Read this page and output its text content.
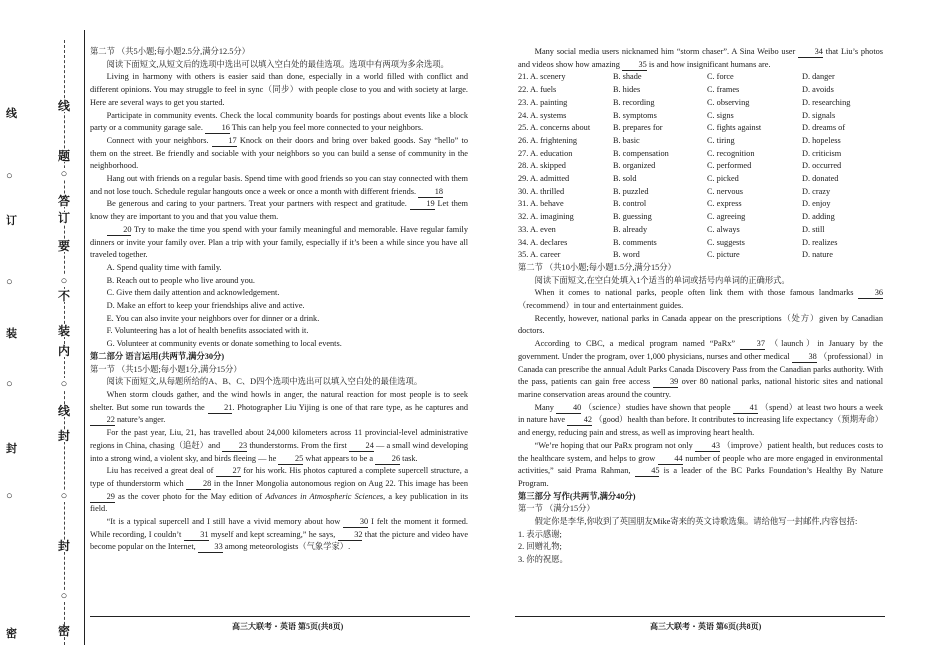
线
题
○
答
订
要
○
不
装
内
○
线
封
○
封
○
密
线
○
订
○
装
○
封
○
密

第二节 （共5小题;每小题2.5分,满分12.5分）

阅读下面短文,从短文后的选项中选出可以填入空白处的最佳选项。选项中有两项为多余选项。

Living in harmony with others is easier said than done, especially in a world filled with conflict and different opinions. You may struggle to feel in sync（同步）with people close to you and with society at large. Here are several ways to get you started.

Participate in community events. Check the local community boards for postings about events like a block party or a community garage sale. 16 This can help you feel more connected to your neighbors.

Connect with your neighbors. 17 Knock on their doors and bring over baked goods. Say “hello” to them on the street. Be friendly and sociable with your neighbors so you can build a sense of community in the neighborhood.

Hang out with friends on a regular basis. Spend time with good friends so you can stay connected with them and not lose touch. Schedule regular hangouts once a week or once a month with different friends. 18

Be generous and caring to your partners. Treat your partners with respect and gratitude. 19 Let them know they are important to you and that you value them.

20 Try to make the time you spend with your family meaningful and memorable. Have regular family dinners or invite your family over. Plan a trip with your family, especially if it’s been a while since you have all traveled together.

A. Spend quality time with family.

B. Reach out to people who live around you.

C. Give them daily attention and acknowledgement.

D. Make an effort to keep your friendships alive and active.

E. You can also invite your neighbors over for dinner or a drink.

F. Volunteering has a lot of health benefits associated with it.

G. Volunteer at community events or donate something to local events.

第二部分 语言运用(共两节,满分30分)

第一节 （共15小题;每小题1分,满分15分）

阅读下面短文,从每题所给的A、B、C、D四个选项中选出可以填入空白处的最佳选项。

When storm clouds gather, and the wind howls in anger, the natural reaction for most people is to seek shelter. But some run towards the 21. Photographer Liu Yijing is one of that rare type, as he captures and 22 nature’s anger.

For the past year, Liu, 21, has travelled about 24,000 kilometers across 11 provincial-level administrative regions in China, chasing（追赶）and 23 thunderstorms. From the first 24 — a small wind developing into a strong wind, a violent sky, and birds fleeing — he 25 what appears to be a 26 task.

Liu has received a great deal of 27 for his work. His photos captured a complete supercell structure, a type of thunderstorm which 28 in the Inner Mongolia autonomous region on Aug 22. This image has been 29 as the cover photo for the May edition of Advances in Atmospheric Sciences, a key publication in its field.

“It is a typical supercell and I still have a vivid memory about how 30 I felt the moment it formed. While recording, I couldn’t 31 myself and kept screaming,” he says, 32 that the picture and video have become popular on the Internet, 33 among meteorologists（气象学家）.

Many social media users nicknamed him “storm chaser”. A Sina Weibo user 34 that Liu’s photos and videos show how amazing 35 is and how insignificant humans are.

21. A. scenery	B. shade	C. force	D. danger
22. A. fuels	B. hides	C. frames	D. avoids
23. A. painting	B. recording	C. observing	D. researching
24. A. systems	B. symptoms	C. signs	D. signals
25. A. concerns about	B. prepares for	C. fights against	D. dreams of
26. A. frightening	B. basic	C. tiring	D. hopeless
27. A. education	B. compensation	C. recognition	D. criticism
28. A. skipped	B. organized	C. performed	D. occurred
29. A. admitted	B. sold	C. picked	D. donated
30. A. thrilled	B. puzzled	C. nervous	D. crazy
31. A. behave	B. control	C. express	D. enjoy
32. A. imagining	B. guessing	C. agreeing	D. adding
33. A. even	B. already	C. always	D. still
34. A. declares	B. comments	C. suggests	D. realizes
35. A. career	B. word	C. picture	D. nature

第二节 （共10小题;每小题1.5分,满分15分）

阅读下面短文,在空白处填入1个适当的单词或括号内单词的正确形式。

When it comes to national parks, people often link them with those famous landmarks	36 （recommend）in tour and entertainment guides.

Recently, however, national parks in Canada appear on the prescriptions（处方）given by Canadian doctors.

According to CBC, a medical program named “PaRx”	37 （launch）in January by the government. Under the program, over 1,000 physicians, nurses and other medical 38 （professional）in Canada can prescribe the annual Adult Parks Canada Discovery Pass from the Canadian parks authority. With the pass, patients can gain free access 39 over 80 national parks, national historic sites and national marine conservation areas around the country.

Many 40 （science）studies have shown that people 41 （spend）at least two hours a week in nature have 42 （good）health than before. It contributes to increasing life expectancy（预期寿命）and energy, reducing pain and stress, as well as improving heart health.

“We’re hoping that our PaRx program not only 43 （improve）patient health, but reduces costs to the healthcare system, and helps to grow 44 number of people who are more engaged in environmental activities,” said Prama Rahman,	45 is a leader of the BC Parks Foundation’s Healthy By Nature Program.

第三部分 写作(共两节,满分40分)

第一节 （满分15分）

假定你是李华,你收到了英国朋友Mike寄来的英文诗歌选集。请给他写一封邮件,内容包括:

1. 表示感谢;

2. 回赠礼物;

3. 你的祝愿。

高三大联考・英语 第5页(共8页)	高三大联考・英语 第6页(共8页)
